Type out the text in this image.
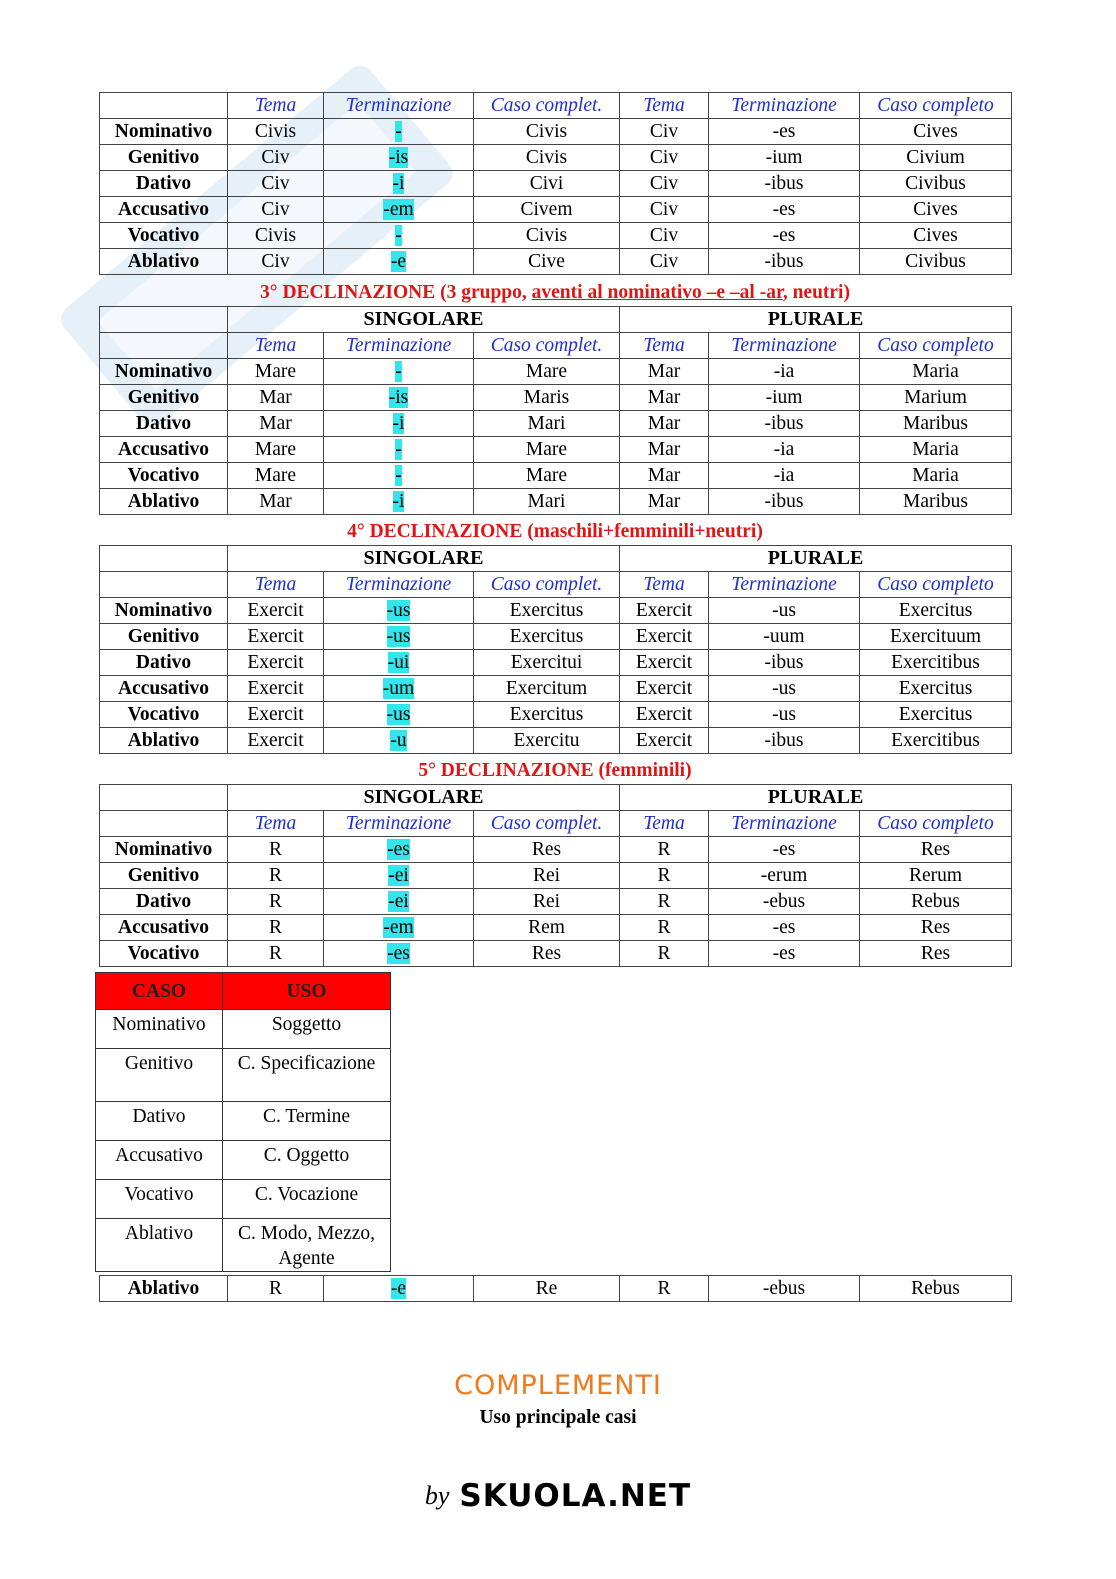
	Tema	Terminazione	Caso complet.	Tema	Terminazione	Caso completo
Nominativo	Civis	-	Civis	Civ	-es	Cives
Genitivo	Civ	-is	Civis	Civ	-ium	Civium
Dativo	Civ	-i	Civi	Civ	-ibus	Civibus
Accusativo	Civ	-em	Civem	Civ	-es	Cives
Vocativo	Civis	-	Civis	Civ	-es	Cives
Ablativo	Civ	-e	Cive	Civ	-ibus	Civibus
3° DECLINAZIONE (3 gruppo, aventi al nominativo –e –al -ar, neutri)
	SINGOLARE			PLURALE		
	Tema	Terminazione	Caso complet.	Tema	Terminazione	Caso completo
Nominativo	Mare	-	Mare	Mar	-ia	Maria
Genitivo	Mar	-is	Maris	Mar	-ium	Marium
Dativo	Mar	-i	Mari	Mar	-ibus	Maribus
Accusativo	Mare	-	Mare	Mar	-ia	Maria
Vocativo	Mare	-	Mare	Mar	-ia	Maria
Ablativo	Mar	-i	Mari	Mar	-ibus	Maribus
4° DECLINAZIONE (maschili+femminili+neutri)
	SINGOLARE			PLURALE		
	Tema	Terminazione	Caso complet.	Tema	Terminazione	Caso completo
Nominativo	Exercit	-us	Exercitus	Exercit	-us	Exercitus
Genitivo	Exercit	-us	Exercitus	Exercit	-uum	Exercituum
Dativo	Exercit	-ui	Exercitui	Exercit	-ibus	Exercitibus
Accusativo	Exercit	-um	Exercitum	Exercit	-us	Exercitus
Vocativo	Exercit	-us	Exercitus	Exercit	-us	Exercitus
Ablativo	Exercit	-u	Exercitu	Exercit	-ibus	Exercitibus
5° DECLINAZIONE (femminili)
	SINGOLARE			PLURALE		
	Tema	Terminazione	Caso complet.	Tema	Terminazione	Caso completo
Nominativo	R	-es	Res	R	-es	Res
Genitivo	R	-ei	Rei	R	-erum	Rerum
Dativo	R	-ei	Rei	R	-ebus	Rebus
Accusativo	R	-em	Rem	R	-es	Res
Vocativo	R	-es	Res	R	-es	Res
CASO	USO
Nominativo	Soggetto
Genitivo	C. Specificazione
Dativo	C. Termine
Accusativo	C. Oggetto
Vocativo	C. Vocazione
Ablativo	C. Modo, Mezzo, Agente
Ablativo	R	-e	Re	R	-ebus	Rebus
COMPLEMENTI
Uso principale casi
by SKUOLA.NET
